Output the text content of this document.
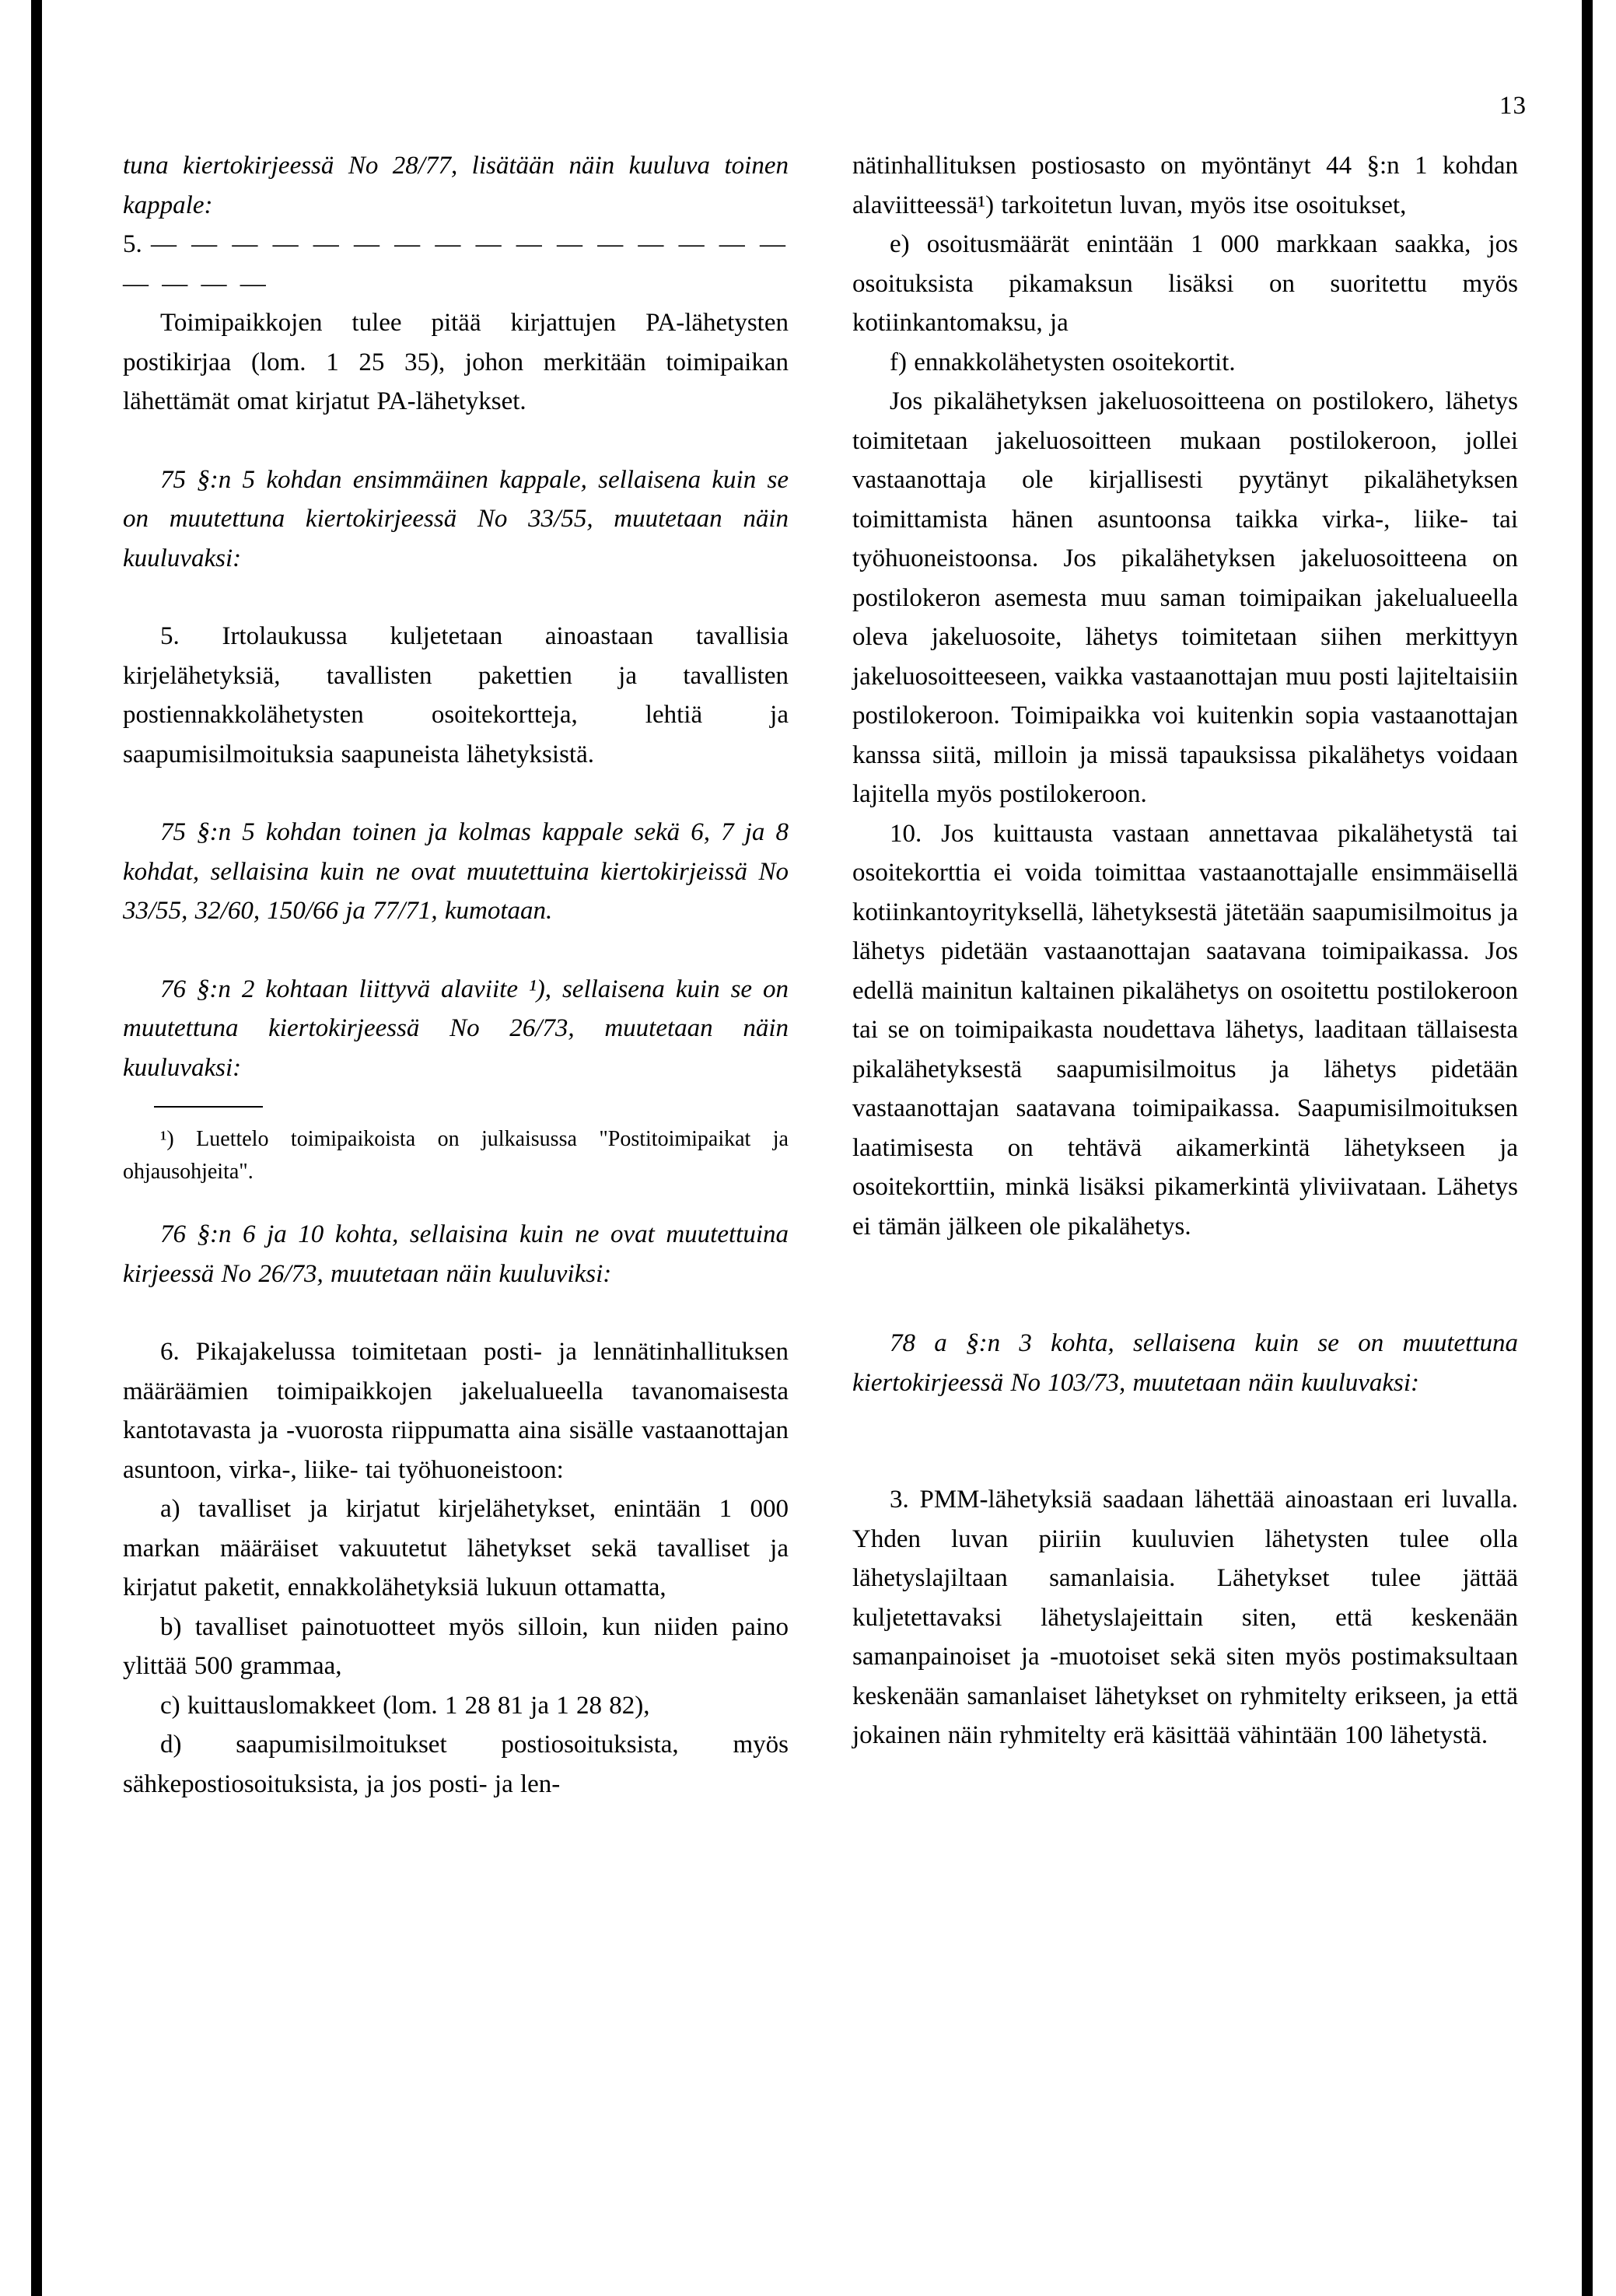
13

tuna kiertokirjeessä No 28/77, lisätään näin kuuluva toinen kappale:

5. — — — — — — — — — — — — — — — — — — — —

Toimipaikkojen tulee pitää kirjattujen PA-lähetysten postikirjaa (lom. 1 25 35), johon merkitään toimipaikan lähettämät omat kirjatut PA-lähetykset.

75 §:n 5 kohdan ensimmäinen kappale, sellaisena kuin se on muutettuna kiertokirjeessä No 33/55, muutetaan näin kuuluvaksi:

5. Irtolaukussa kuljetetaan ainoastaan tavallisia kirjelähetyksiä, tavallisten pakettien ja tavallisten postiennakkolähetysten osoitekortteja, lehtiä ja saapumisilmoituksia saapuneista lähetyksistä.

75 §:n 5 kohdan toinen ja kolmas kappale sekä 6, 7 ja 8 kohdat, sellaisina kuin ne ovat muutettuina kiertokirjeissä No 33/55, 32/60, 150/66 ja 77/71, kumotaan.

76 §:n 2 kohtaan liittyvä alaviite ¹), sellaisena kuin se on muutettuna kiertokirjeessä No 26/73, muutetaan näin kuuluvaksi:

¹) Luettelo toimipaikoista on julkaisussa "Postitoimipaikat ja ohjausohjeita".

76 §:n 6 ja 10 kohta, sellaisina kuin ne ovat muutettuina kirjeessä No 26/73, muutetaan näin kuuluviksi:

6. Pikajakelussa toimitetaan posti- ja lennätinhallituksen määräämien toimipaikkojen jakelualueella tavanomaisesta kantotavasta ja -vuorosta riippumatta aina sisälle vastaanottajan asuntoon, virka-, liike- tai työhuoneistoon:

a) tavalliset ja kirjatut kirjelähetykset, enintään 1 000 markan määräiset vakuutetut lähetykset sekä tavalliset ja kirjatut paketit, ennakkolähetyksiä lukuun ottamatta,

b) tavalliset painotuotteet myös silloin, kun niiden paino ylittää 500 grammaa,

c) kuittauslomakkeet (lom. 1 28 81 ja 1 28 82),

d) saapumisilmoitukset postiosoituksista, myös sähkepostiosoituksista, ja jos posti- ja len-

nätinhallituksen postiosasto on myöntänyt 44 §:n 1 kohdan alaviitteessä¹) tarkoitetun luvan, myös itse osoitukset,

e) osoitusmäärät enintään 1 000 markkaan saakka, jos osoituksista pikamaksun lisäksi on suoritettu myös kotiinkantomaksu, ja

f) ennakkolähetysten osoitekortit.

Jos pikalähetyksen jakeluosoitteena on postilokero, lähetys toimitetaan jakeluosoitteen mukaan postilokeroon, jollei vastaanottaja ole kirjallisesti pyytänyt pikalähetyksen toimittamista hänen asuntoonsa taikka virka-, liike- tai työhuoneistoonsa. Jos pikalähetyksen jakeluosoitteena on postilokeron asemesta muu saman toimipaikan jakelualueella oleva jakeluosoite, lähetys toimitetaan siihen merkittyyn jakeluosoitteeseen, vaikka vastaanottajan muu posti lajiteltaisiin postilokeroon. Toimipaikka voi kuitenkin sopia vastaanottajan kanssa siitä, milloin ja missä tapauksissa pikalähetys voidaan lajitella myös postilokeroon.

10. Jos kuittausta vastaan annettavaa pikalähetystä tai osoitekorttia ei voida toimittaa vastaanottajalle ensimmäisellä kotiinkantoyrityksellä, lähetyksestä jätetään saapumisilmoitus ja lähetys pidetään vastaanottajan saatavana toimipaikassa. Jos edellä mainitun kaltainen pikalähetys on osoitettu postilokeroon tai se on toimipaikasta noudettava lähetys, laaditaan tällaisesta pikalähetyksestä saapumisilmoitus ja lähetys pidetään vastaanottajan saatavana toimipaikassa. Saapumisilmoituksen laatimisesta on tehtävä aikamerkintä lähetykseen ja osoitekorttiin, minkä lisäksi pikamerkintä yliviivataan. Lähetys ei tämän jälkeen ole pikalähetys.

78 a §:n 3 kohta, sellaisena kuin se on muutettuna kiertokirjeessä No 103/73, muutetaan näin kuuluvaksi:

3. PMM-lähetyksiä saadaan lähettää ainoastaan eri luvalla. Yhden luvan piiriin kuuluvien lähetysten tulee olla lähetyslajiltaan samanlaisia. Lähetykset tulee jättää kuljetettavaksi lähetyslajeittain siten, että keskenään samanpainoiset ja -muotoiset sekä siten myös postimaksultaan keskenään samanlaiset lähetykset on ryhmitelty erikseen, ja että jokainen näin ryhmitelty erä käsittää vähintään 100 lähetystä.
